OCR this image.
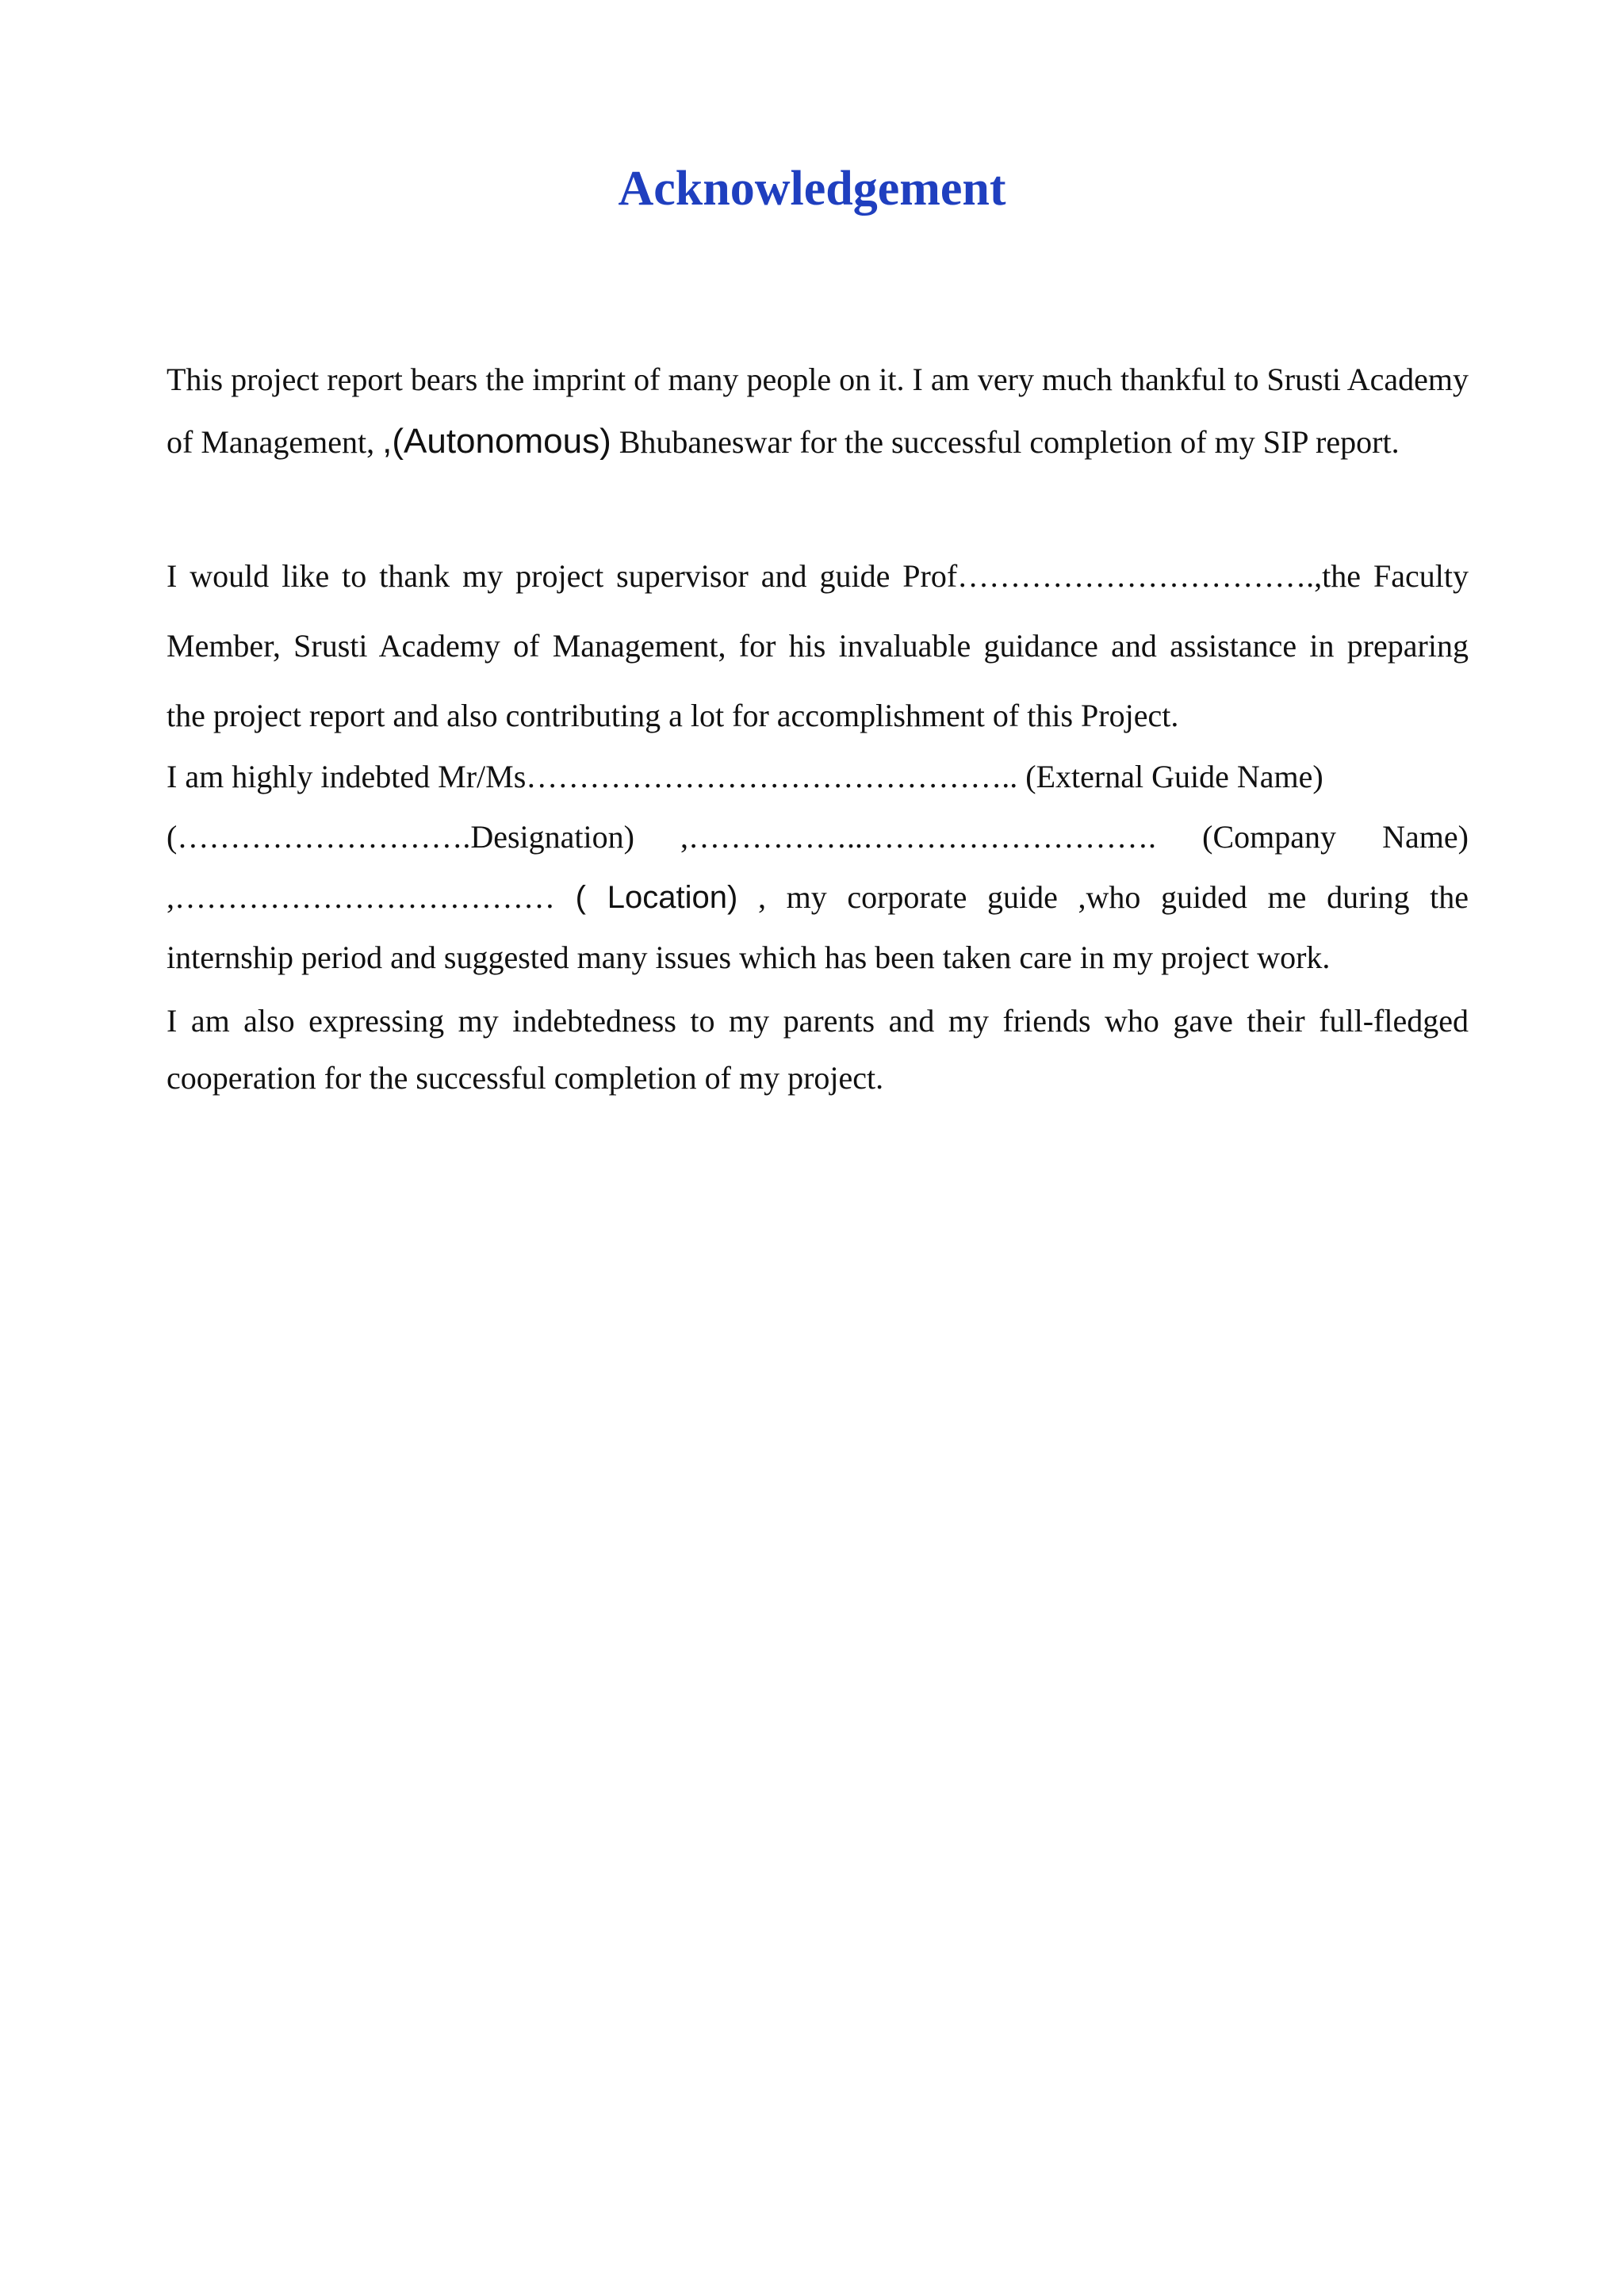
Acknowledgement

This project report bears the imprint of many people on it. I am very much thankful to Srusti Academy of Management, ,(Autonomous) Bhubaneswar for the successful completion of my SIP report.

I would like to thank my project supervisor and guide Prof…………………………….,the Faculty
Member, Srusti Academy of Management, for his invaluable guidance and assistance in preparing
the project report and also contributing a lot for accomplishment of this Project.
I am highly indebted Mr/Ms……………………………………….. (External Guide Name)
(……………………….Designation) ,……………..………………………. (Company Name)
,……………………………… ( Location) , my corporate guide ,who guided me during the
internship period and suggested many issues which has been taken care in my project work.
I am also expressing my indebtedness to my parents and my friends who gave their full-fledged
cooperation for the successful completion of my project.
